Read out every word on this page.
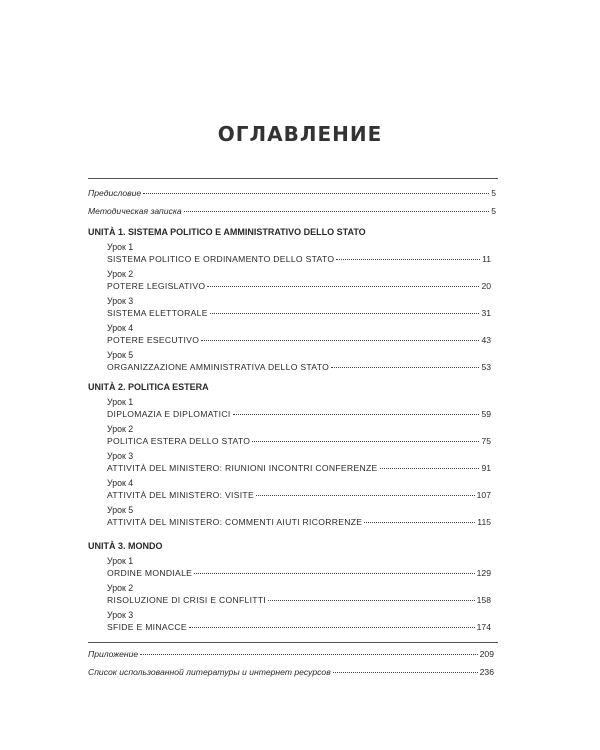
ОГЛАВЛЕНИЕ
Предисловие	5
Методическая записка	5
UNITÀ 1. SISTEMA POLITICO E AMMINISTRATIVO DELLO STATO
Урок 1
SISTEMA POLITICO E ORDINAMENTO DELLO STATO	11
Урок 2
POTERE LEGISLATIVO	20
Урок 3
SISTEMA ELETTORALE	31
Урок 4
POTERE ESECUTIVO	43
Урок 5
ORGANIZZAZIONE AMMINISTRATIVA DELLO STATO	53
UNITÀ 2. POLITICA ESTERA
Урок 1
DIPLOMAZIA E DIPLOMATICI	59
Урок 2
POLITICA ESTERA DELLO STATO	75
Урок 3
ATTIVITÀ DEL MINISTERO: RIUNIONI INCONTRI CONFERENZE	91
Урок 4
ATTIVITÀ DEL MINISTERO: VISITE	107
Урок 5
ATTIVITÀ DEL MINISTERO: COMMENTI AIUTI RICORRENZE	115
UNITÀ 3. MONDO
Урок 1
ORDINE MONDIALE	129
Урок 2
RISOLUZIONE DI CRISI E CONFLITTI	158
Урок 3
SFIDE E MINACCE	174
Приложение	209
Список использованной литературы и интернет ресурсов	236
